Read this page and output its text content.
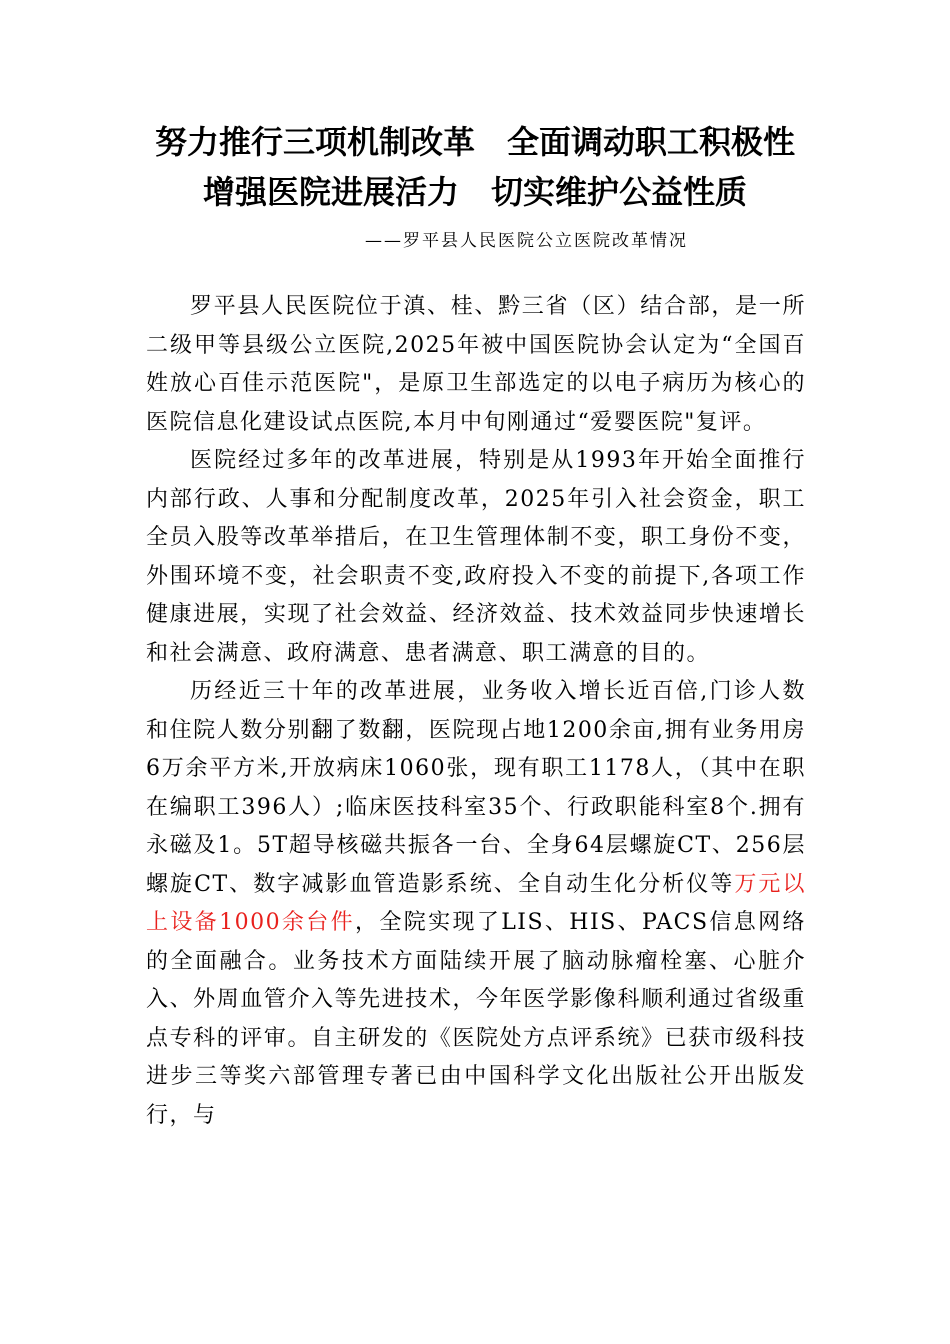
努力推行三项机制改革　全面调动职工积极性
增强医院进展活力　切实维护公益性质
——罗平县人民医院公立医院改革情况

罗平县人民医院位于滇、桂、黔三省（区）结合部，是一所二级甲等县级公立医院,2025年被中国医院协会认定为“全国百姓放心百佳示范医院"，是原卫生部选定的以电子病历为核心的医院信息化建设试点医院,本月中旬刚通过“爱婴医院"复评。

医院经过多年的改革进展，特别是从1993年开始全面推行内部行政、人事和分配制度改革，2025年引入社会资金，职工全员入股等改革举措后，在卫生管理体制不变，职工身份不变，外围环境不变，社会职责不变,政府投入不变的前提下,各项工作健康进展，实现了社会效益、经济效益、技术效益同步快速增长和社会满意、政府满意、患者满意、职工满意的目的。

历经近三十年的改革进展，业务收入增长近百倍,门诊人数和住院人数分别翻了数翻，医院现占地1200余亩,拥有业务用房6万余平方米,开放病床1060张，现有职工1178人，（其中在职在编职工396人）;临床医技科室35个、行政职能科室8个.拥有永磁及1。5T超导核磁共振各一台、全身64层螺旋CT、256层螺旋CT、数字减影血管造影系统、全自动生化分析仪等万元以上设备1000余台件，全院实现了LIS、HIS、PACS信息网络的全面融合。业务技术方面陆续开展了脑动脉瘤栓塞、心脏介入、外周血管介入等先进技术，今年医学影像科顺利通过省级重点专科的评审。自主研发的《医院处方点评系统》已获市级科技进步三等奖六部管理专著已由中国科学文化出版社公开出版发行，与
